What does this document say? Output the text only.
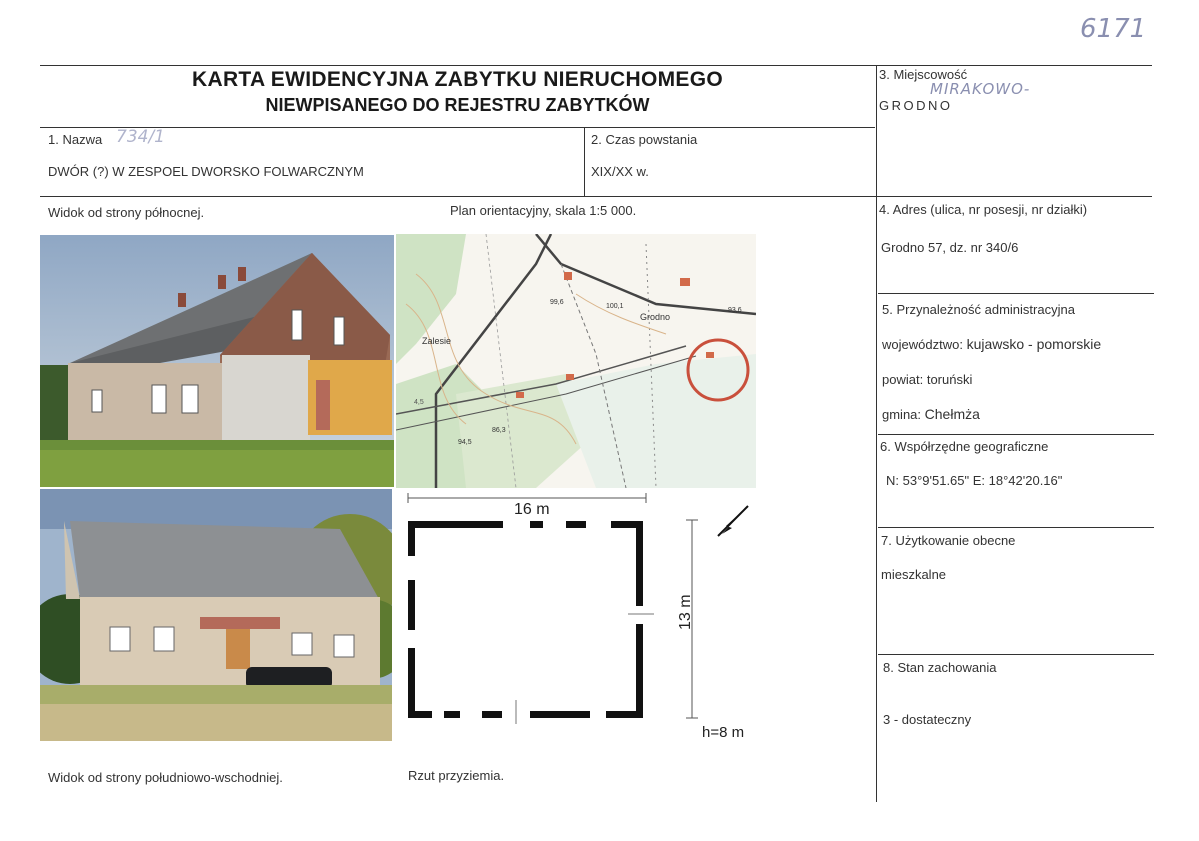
6171
KARTA EWIDENCYJNA ZABYTKU NIERUCHOMEGO
NIEWPISANEGO DO REJESTRU ZABYTKÓW
1. Nazwa 734/1
DWÓR (?) W ZESPOEL DWORSKO FOLWARCZNYM
2. Czas powstania
XIX/XX w.
3. Miejscowość
MIRAKOWO-
GRODNO
4. Adres (ulica, nr posesji, nr działki)
Grodno 57, dz. nr 340/6
5. Przynależność administracyjna
województwo: kujawsko - pomorskie
powiat: toruński
gmina: Chełmża
6. Współrzędne geograficzne
N: 53°9'51.65" E: 18°42'20.16"
7. Użytkowanie obecne
mieszkalne
8. Stan zachowania
3 - dostateczny
Widok od strony północnej.	Plan orientacyjny, skala 1:5 000.
Widok od strony południowo-wschodniej.	Rzut przyziemia.
Zalesie
Grodno
99,6
100,1
93,6
86,3
94,5
4,5
16 m
13 m
h=8 m
